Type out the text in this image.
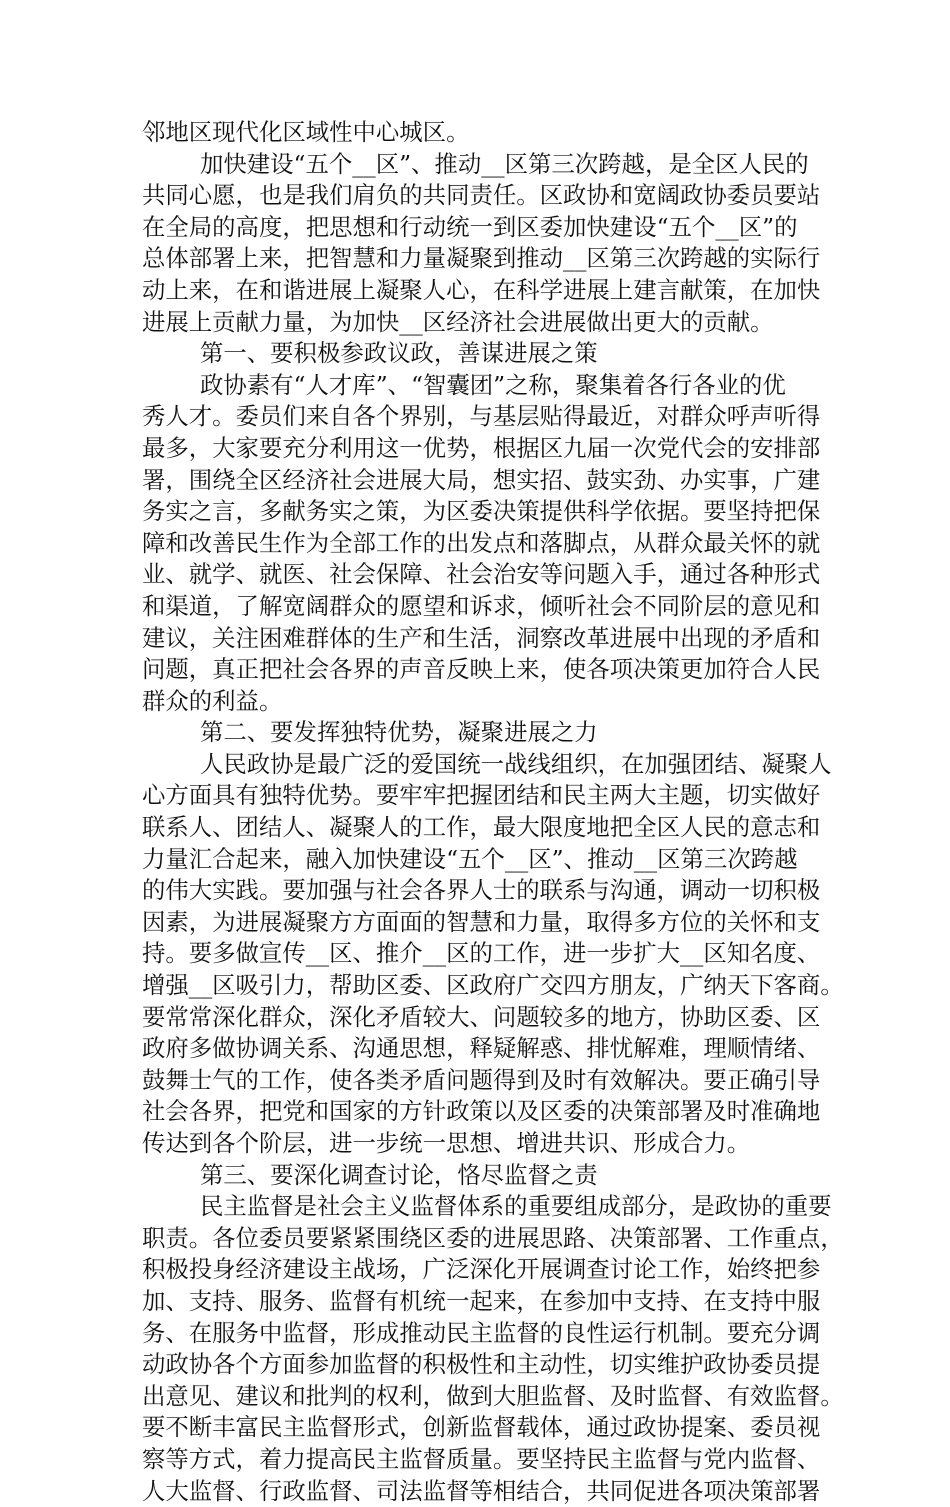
邻地区现代化区域性中心城区。
加快建设“五个__区”、推动__区第三次跨越，是全区人民的
共同心愿，也是我们肩负的共同责任。区政协和宽阔政协委员要站
在全局的高度，把思想和行动统一到区委加快建设“五个__区”的
总体部署上来，把智慧和力量凝聚到推动__区第三次跨越的实际行
动上来，在和谐进展上凝聚人心，在科学进展上建言献策，在加快
进展上贡献力量，为加快__区经济社会进展做出更大的贡献。
第一、要积极参政议政，善谋进展之策
政协素有“人才库”、“智囊团”之称，聚集着各行各业的优
秀人才。委员们来自各个界别，与基层贴得最近，对群众呼声听得
最多，大家要充分利用这一优势，根据区九届一次党代会的安排部
署，围绕全区经济社会进展大局，想实招、鼓实劲、办实事，广建
务实之言，多献务实之策，为区委决策提供科学依据。要坚持把保
障和改善民生作为全部工作的出发点和落脚点，从群众最关怀的就
业、就学、就医、社会保障、社会治安等问题入手，通过各种形式
和渠道，了解宽阔群众的愿望和诉求，倾听社会不同阶层的意见和
建议，关注困难群体的生产和生活，洞察改革进展中出现的矛盾和
问题，真正把社会各界的声音反映上来，使各项决策更加符合人民
群众的利益。
第二、要发挥独特优势，凝聚进展之力
人民政协是最广泛的爱国统一战线组织，在加强团结、凝聚人
心方面具有独特优势。要牢牢把握团结和民主两大主题，切实做好
联系人、团结人、凝聚人的工作，最大限度地把全区人民的意志和
力量汇合起来，融入加快建设“五个__区”、推动__区第三次跨越
的伟大实践。要加强与社会各界人士的联系与沟通，调动一切积极
因素，为进展凝聚方方面面的智慧和力量，取得多方位的关怀和支
持。要多做宣传__区、推介__区的工作，进一步扩大__区知名度、
增强__区吸引力，帮助区委、区政府广交四方朋友，广纳天下客商。
要常常深化群众，深化矛盾较大、问题较多的地方，协助区委、区
政府多做协调关系、沟通思想，释疑解惑、排忧解难，理顺情绪、
鼓舞士气的工作，使各类矛盾问题得到及时有效解决。要正确引导
社会各界，把党和国家的方针政策以及区委的决策部署及时准确地
传达到各个阶层，进一步统一思想、增进共识、形成合力。
第三、要深化调查讨论，恪尽监督之责
民主监督是社会主义监督体系的重要组成部分，是政协的重要
职责。各位委员要紧紧围绕区委的进展思路、决策部署、工作重点，
积极投身经济建设主战场，广泛深化开展调查讨论工作，始终把参
加、支持、服务、监督有机统一起来，在参加中支持、在支持中服
务、在服务中监督，形成推动民主监督的良性运行机制。要充分调
动政协各个方面参加监督的积极性和主动性，切实维护政协委员提
出意见、建议和批判的权利，做到大胆监督、及时监督、有效监督。
要不断丰富民主监督形式，创新监督载体，通过政协提案、委员视
察等方式，着力提高民主监督质量。要坚持民主监督与党内监督、
人大监督、行政监督、司法监督等相结合，共同促进各项决策部署
